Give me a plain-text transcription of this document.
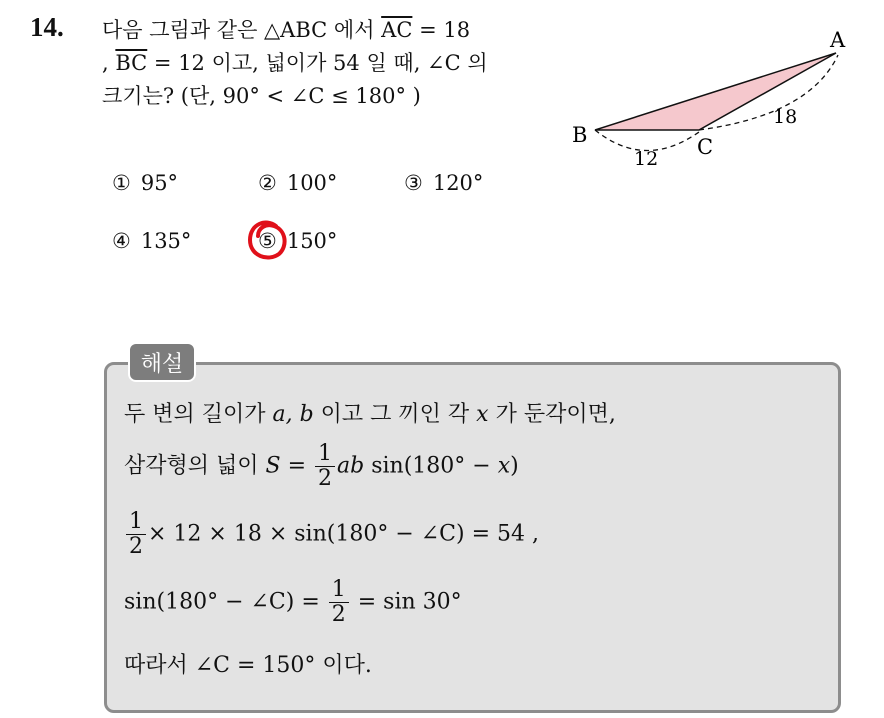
14. 다음 그림과 같은 △ABC 에서 $\overline{AC} = 18$
, $\overline{BC} = 12$ 이고, 넓이가 54 일 때, ∠C 의
크기는? (단, 90° < ∠C ≤ 180° )
A
B	C
12
18
① 95°	② 100°	③ 120°
④ 135°	⑤ 150°
해설
두 변의 길이가 a, b 이고 그 끼인 각 x 가 둔각이면,
삼각형의 넓이 $S = \frac{1}{2}$ ab sin(180° − x)
$\frac{1}{2} \times 12 \times 18 \times \sin(180^\circ$ − ∠C) = 54 ,
sin(180° − ∠C) = $\frac{1}{2} = \sin 30^\circ$
따라서 ∠C = 150° 이다.
